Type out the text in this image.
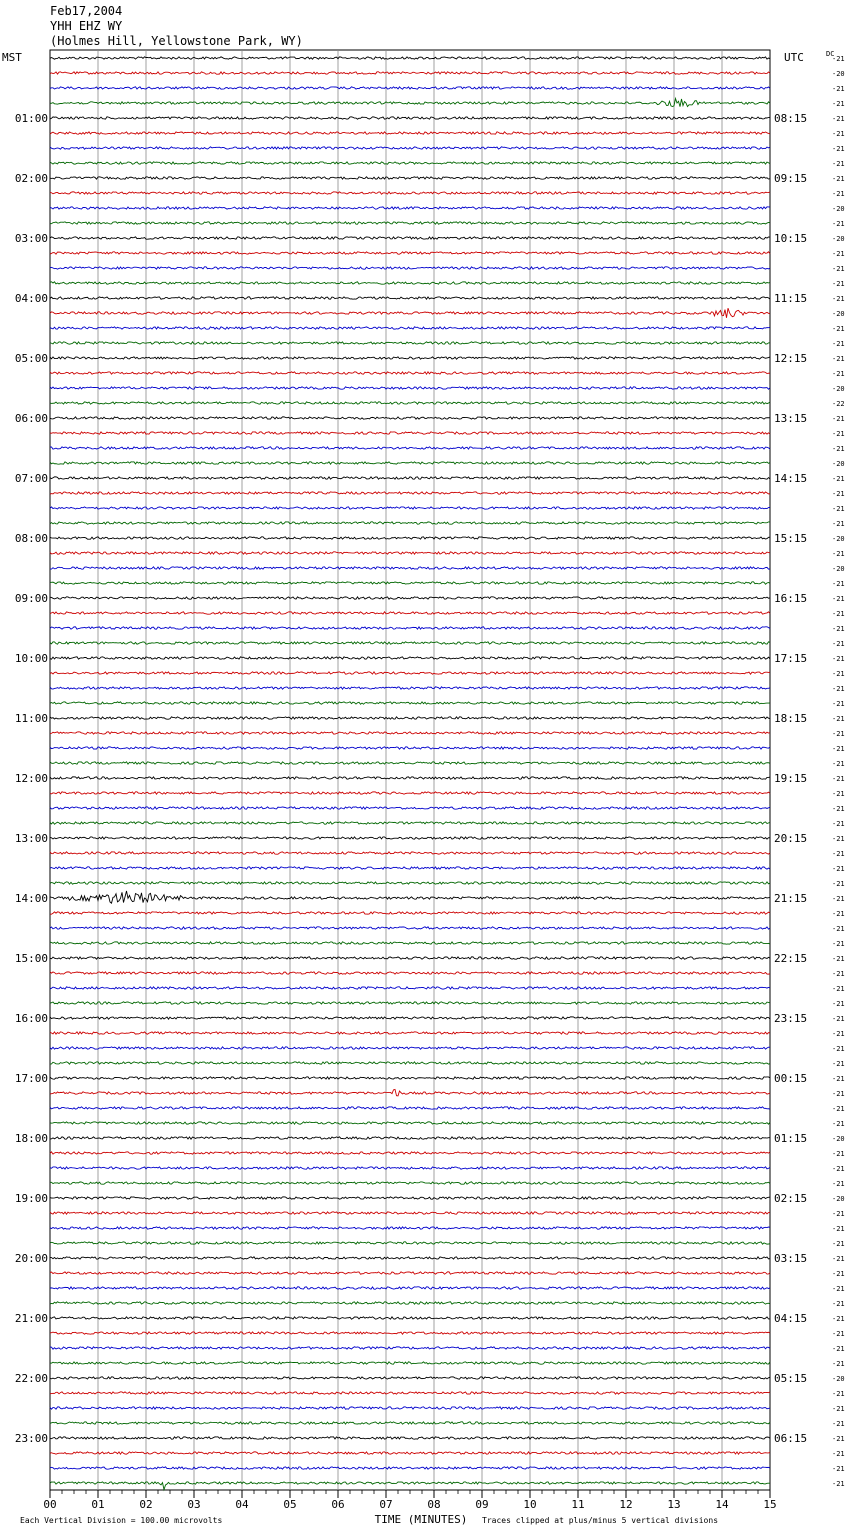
Feb17,2004
YHH EHZ WY
(Holmes Hill, Yellowstone Park, WY)
MST	UTC	DC
01:00
02:00
03:00
04:00
05:00
06:00
07:00
08:00
09:00
10:00
11:00
12:00
13:00
14:00
15:00
16:00
17:00
18:00
19:00
20:00
21:00
22:00
23:00
08:15
09:15
10:15
11:15
12:15
13:15
14:15
15:15
16:15
17:15
18:15
19:15
20:15
21:15
22:15
23:15
00:15
01:15
02:15
03:15
04:15
05:15
06:15
-21
-20
-21
-21
-21
-21
-21
-21
-21
-21
-20
-21
-20
-21
-21
-21
-21
-20
-21
-21
-21
-21
-20
-22
-21
-21
-21
-20
-21
-21
-21
-21
-20
-21
-20
-21
-21
-21
-21
-21
-21
-21
-21
-21
-21
-21
-21
-21
-21
-21
-21
-21
-21
-21
-21
-21
-21
-21
-21
-21
-21
-21
-21
-21
-21
-21
-21
-21
-21
-21
-21
-21
-20
-21
-21
-21
-20
-21
-21
-21
-21
-21
-21
-21
-21
-21
-21
-21
-20
-21
-21
-21
-21
-21
-21
-21
00	01	02	03	04	05	06	07	08	09	10	11	12	13	14	15
TIME (MINUTES)
Each Vertical Division = 100.00 microvolts	Traces clipped at plus/minus 5 vertical divisions
